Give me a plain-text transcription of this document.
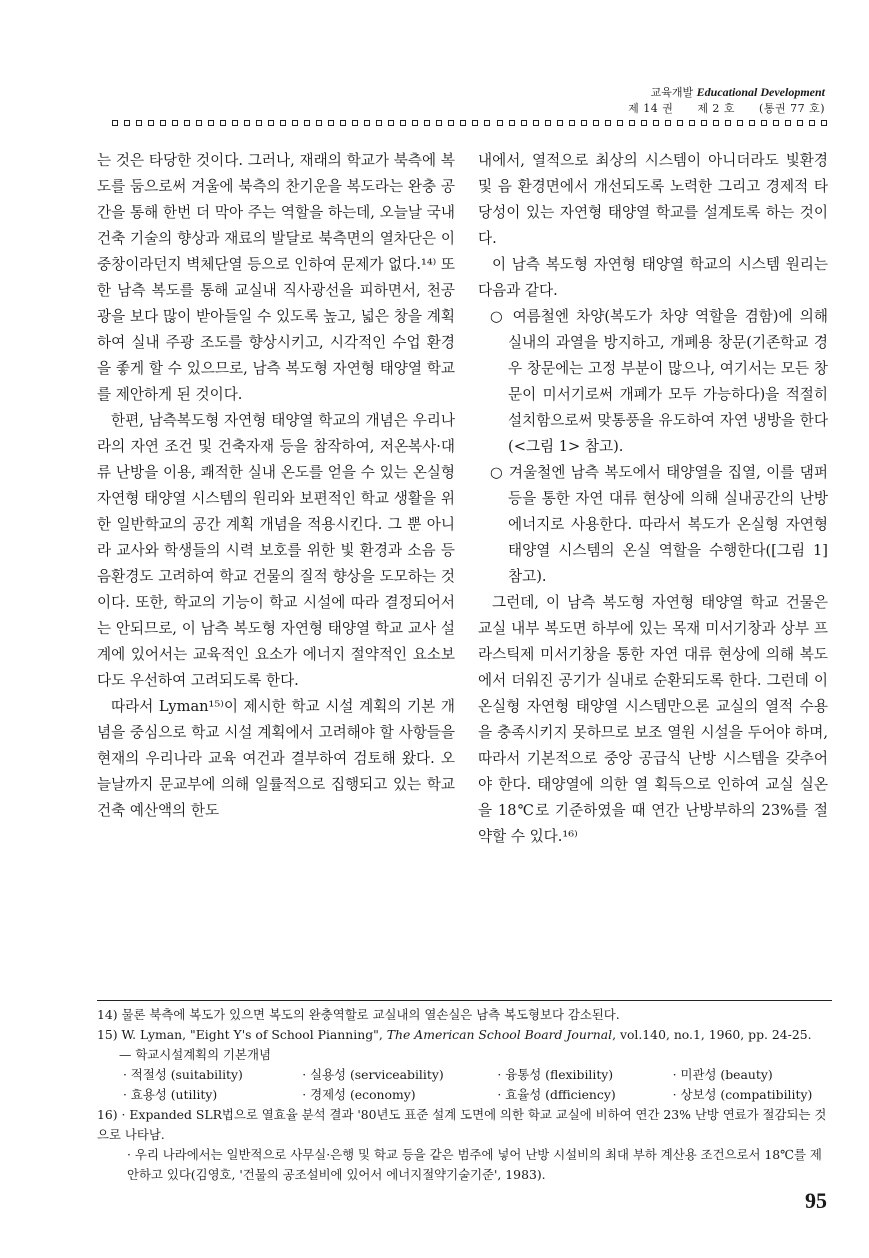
교육개발 Educational Development
제 14 권 제 2 호 (통권 77 호)

는 것은 타당한 것이다. 그러나, 재래의 학교가 북측에 복도를 둠으로써 겨울에 북측의 찬기운을 복도라는 완충 공간을 통해 한번 더 막아 주는 역할을 하는데, 오늘날 국내 건축 기술의 향상과 재료의 발달로 북측면의 열차단은 이중창이라던지 벽체단열 등으로 인하여 문제가 없다.¹⁴⁾ 또한 남측 복도를 통해 교실내 직사광선을 피하면서, 천공광을 보다 많이 받아들일 수 있도록 높고, 넓은 창을 계획하여 실내 주광 조도를 향상시키고, 시각적인 수업 환경을 좋게 할 수 있으므로, 남측 복도형 자연형 태양열 학교를 제안하게 된 것이다.

한편, 남측복도형 자연형 태양열 학교의 개념은 우리나라의 자연 조건 및 건축자재 등을 참작하여, 저온복사·대류 난방을 이용, 쾌적한 실내 온도를 얻을 수 있는 온실형 자연형 태양열 시스템의 원리와 보편적인 학교 생활을 위한 일반학교의 공간 계획 개념을 적용시킨다. 그 뿐 아니라 교사와 학생들의 시력 보호를 위한 빛 환경과 소음 등 음환경도 고려하여 학교 건물의 질적 향상을 도모하는 것이다. 또한, 학교의 기능이 학교 시설에 따라 결정되어서는 안되므로, 이 남측 복도형 자연형 태양열 학교 교사 설계에 있어서는 교육적인 요소가 에너지 절약적인 요소보다도 우선하여 고려되도록 한다.

따라서 Lyman¹⁵⁾이 제시한 학교 시설 계획의 기본 개념을 중심으로 학교 시설 계획에서 고려해야 할 사항들을 현재의 우리나라 교육 여건과 결부하여 검토해 왔다. 오늘날까지 문교부에 의해 일률적으로 집행되고 있는 학교 건축 예산액의 한도

내에서, 열적으로 최상의 시스템이 아니더라도 빛환경 및 음 환경면에서 개선되도록 노력한 그리고 경제적 타당성이 있는 자연형 태양열 학교를 설계토록 하는 것이다.

이 남측 복도형 자연형 태양열 학교의 시스템 원리는 다음과 같다.

○ 여름철엔 차양(복도가 차양 역할을 겸함)에 의해 실내의 과열을 방지하고, 개폐용 창문(기존학교 경우 창문에는 고정 부분이 많으나, 여기서는 모든 창문이 미서기로써 개폐가 모두 가능하다)을 적절히 설치함으로써 맞통풍을 유도하여 자연 냉방을 한다(<그림 1> 참고).

○ 겨울철엔 남측 복도에서 태양열을 집열, 이를 댐퍼 등을 통한 자연 대류 현상에 의해 실내공간의 난방 에너지로 사용한다. 따라서 복도가 온실형 자연형 태양열 시스템의 온실 역할을 수행한다([그림 1] 참고).

그런데, 이 남측 복도형 자연형 태양열 학교 건물은 교실 내부 복도면 하부에 있는 목재 미서기창과 상부 프라스틱제 미서기창을 통한 자연 대류 현상에 의해 복도에서 더워진 공기가 실내로 순환되도록 한다. 그런데 이 온실형 자연형 태양열 시스템만으론 교실의 열적 수용을 충족시키지 못하므로 보조 열원 시설을 두어야 하며, 따라서 기본적으로 중앙 공급식 난방 시스템을 갖추어야 한다. 태양열에 의한 열 획득으로 인하여 교실 실온을 18℃로 기준하였을 때 연간 난방부하의 23%를 절약할 수 있다.¹⁶⁾

14) 물론 북측에 복도가 있으면 복도의 완충역할로 교실내의 열손실은 남측 복도형보다 감소된다.

15) W. Lyman, "Eight Y's of School Pianning", The American School Board Journal, vol.140, no.1, 1960, pp. 24-25.

— 학교시설계획의 기본개념

· 적절성 (suitability)	· 실용성 (serviceability)	· 융통성 (flexibility)	· 미관성 (beauty)
· 효용성 (utility)	· 경제성 (economy)	· 효율성 (dfficiency)	· 상보성 (compatibility)

16) · Expanded SLR법으로 열효율 분석 결과 '80년도 표준 설계 도면에 의한 학교 교실에 비하여 연간 23% 난방 연료가 절감되는 것으로 나타남.

· 우리 나라에서는 일반적으로 사무실·은행 및 학교 등을 같은 범주에 넣어 난방 시설비의 최대 부하 계산용 조건으로서 18℃를 제안하고 있다(김영호, '건물의 공조설비에 있어서 에너지절약기술기준', 1983).

95
